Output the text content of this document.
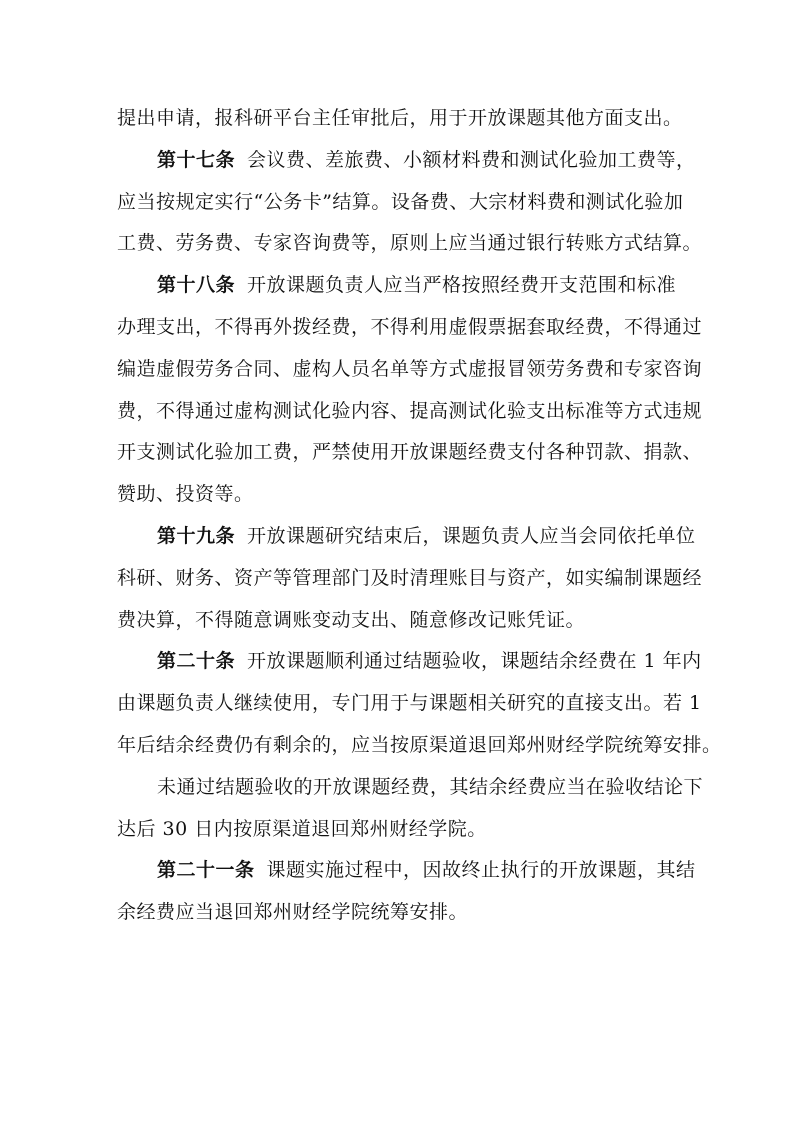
提出申请，报科研平台主任审批后，用于开放课题其他方面支出。

第十七条 会议费、差旅费、小额材料费和测试化验加工费等，
应当按规定实行“公务卡”结算。设备费、大宗材料费和测试化验加
工费、劳务费、专家咨询费等，原则上应当通过银行转账方式结算。

第十八条 开放课题负责人应当严格按照经费开支范围和标准
办理支出，不得再外拨经费，不得利用虚假票据套取经费，不得通过
编造虚假劳务合同、虚构人员名单等方式虚报冒领劳务费和专家咨询
费，不得通过虚构测试化验内容、提高测试化验支出标准等方式违规
开支测试化验加工费，严禁使用开放课题经费支付各种罚款、捐款、
赞助、投资等。

第十九条 开放课题研究结束后，课题负责人应当会同依托单位
科研、财务、资产等管理部门及时清理账目与资产，如实编制课题经
费决算，不得随意调账变动支出、随意修改记账凭证。

第二十条 开放课题顺利通过结题验收，课题结余经费在 1 年内
由课题负责人继续使用，专门用于与课题相关研究的直接支出。若 1
年后结余经费仍有剩余的，应当按原渠道退回郑州财经学院统筹安排。

未通过结题验收的开放课题经费，其结余经费应当在验收结论下
达后 30 日内按原渠道退回郑州财经学院。

第二十一条 课题实施过程中，因故终止执行的开放课题，其结
余经费应当退回郑州财经学院统筹安排。
